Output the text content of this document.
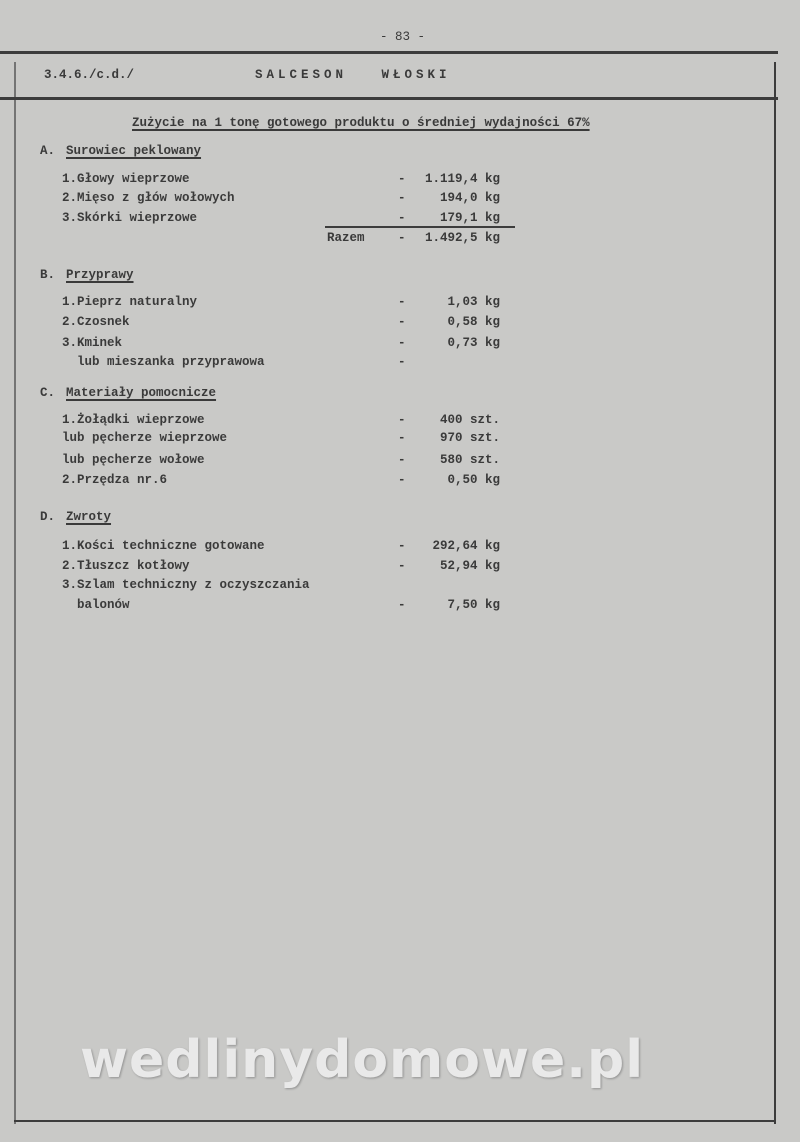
- 83 -
3.4.6./c.d./	SALCESON   WŁOSKI
Zużycie na 1 tonę gotowego produktu o średniej wydajności 67%
A. Surowiec peklowany
1.Głowy wieprzowe	-	1.119,4 kg
2.Mięso z głów wołowych	-	194,0 kg
3.Skórki wieprzowe	-	179,1 kg
Razem	-	1.492,5 kg
B. Przyprawy
1.Pieprz naturalny	-	1,03 kg
2.Czosnek	-	0,58 kg
3.Kminek	-	0,73 kg
lub mieszanka przyprawowa	-
C. Materiały pomocnicze
1.Żołądki wieprzowe	-	400 szt.
lub pęcherze wieprzowe	-	970 szt.
lub pęcherze wołowe	-	580 szt.
2.Przędza nr.6	-	0,50 kg
D. Zwroty
1.Kości techniczne gotowane	-	292,64 kg
2.Tłuszcz kotłowy	-	52,94 kg
3.Szlam techniczny z oczyszczania
balonów	-	7,50 kg
wedlinydomowe.pl
